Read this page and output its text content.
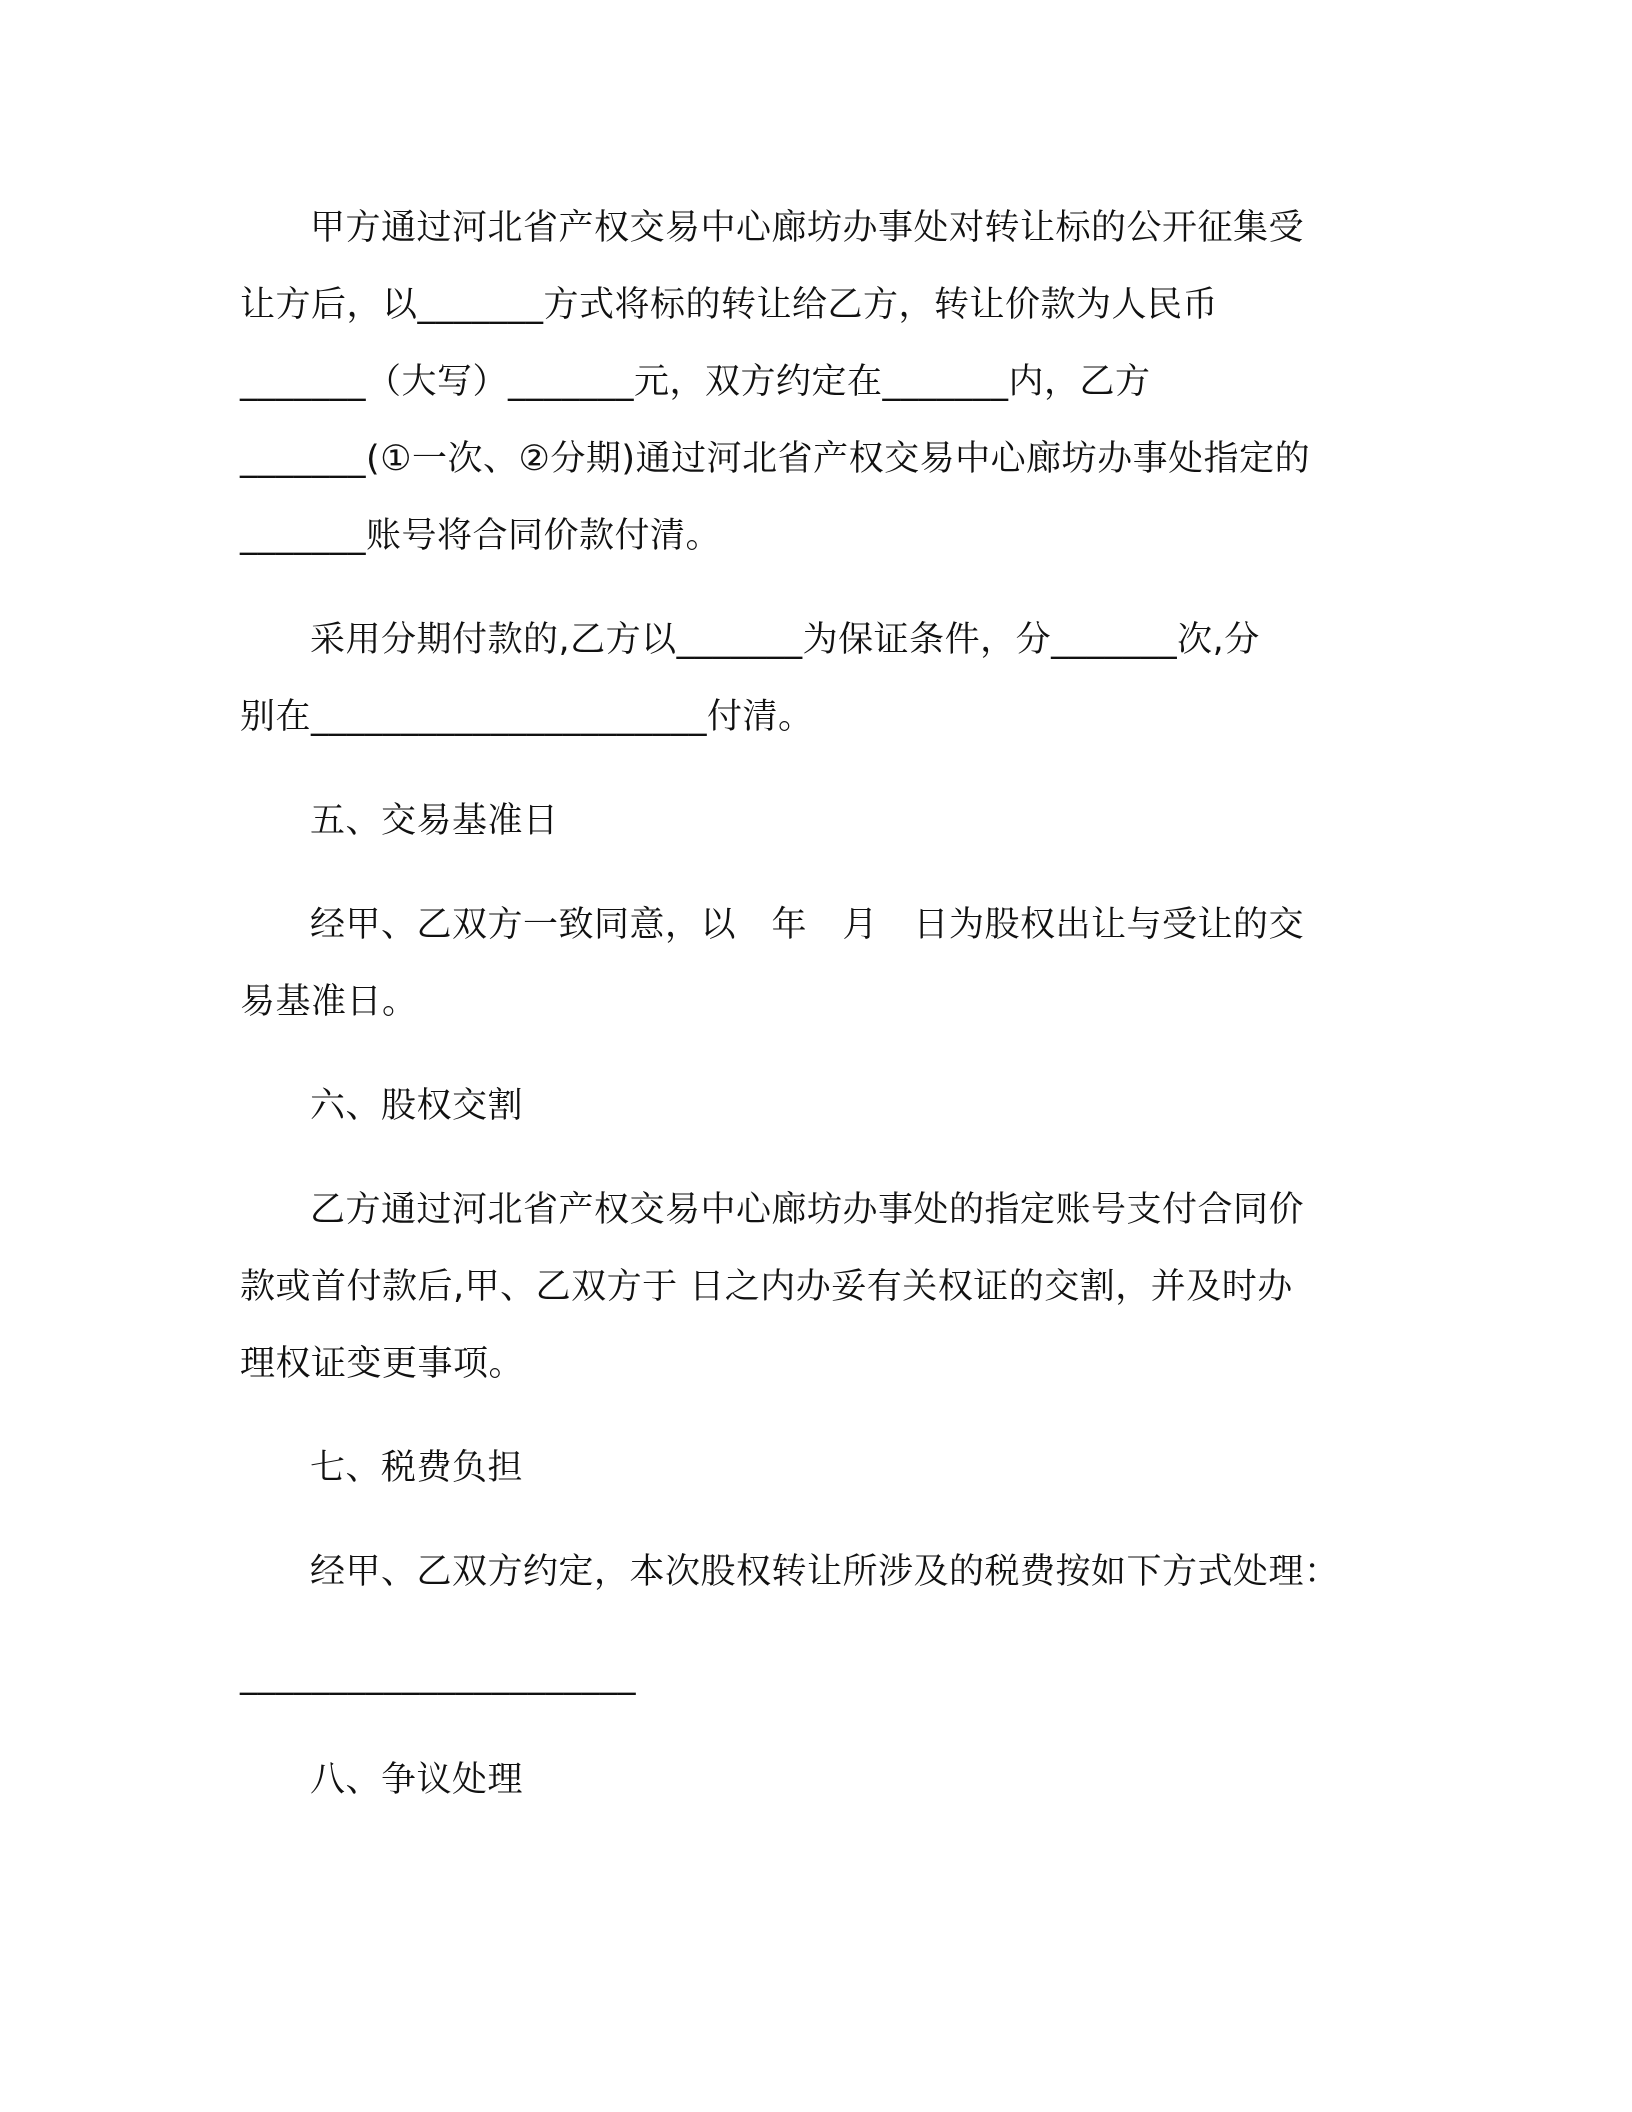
甲方通过河北省产权交易中心廊坊办事处对转让标的公开征集受
让方后，以_______方式将标的转让给乙方，转让价款为人民币
_______（大写）_______元，双方约定在_______内，乙方
_______(①一次、②分期)通过河北省产权交易中心廊坊办事处指定的
_______账号将合同价款付清。

采用分期付款的,乙方以_______为保证条件，分_______次,分
别在______________________付清。

五、交易基准日

经甲、乙双方一致同意，以　年　月　日为股权出让与受让的交
易基准日。

六、股权交割

乙方通过河北省产权交易中心廊坊办事处的指定账号支付合同价
款或首付款后,甲、乙双方于 日之内办妥有关权证的交割，并及时办
理权证变更事项。

七、税费负担

经甲、乙双方约定，本次股权转让所涉及的税费按如下方式处理：

______________________

八、争议处理
